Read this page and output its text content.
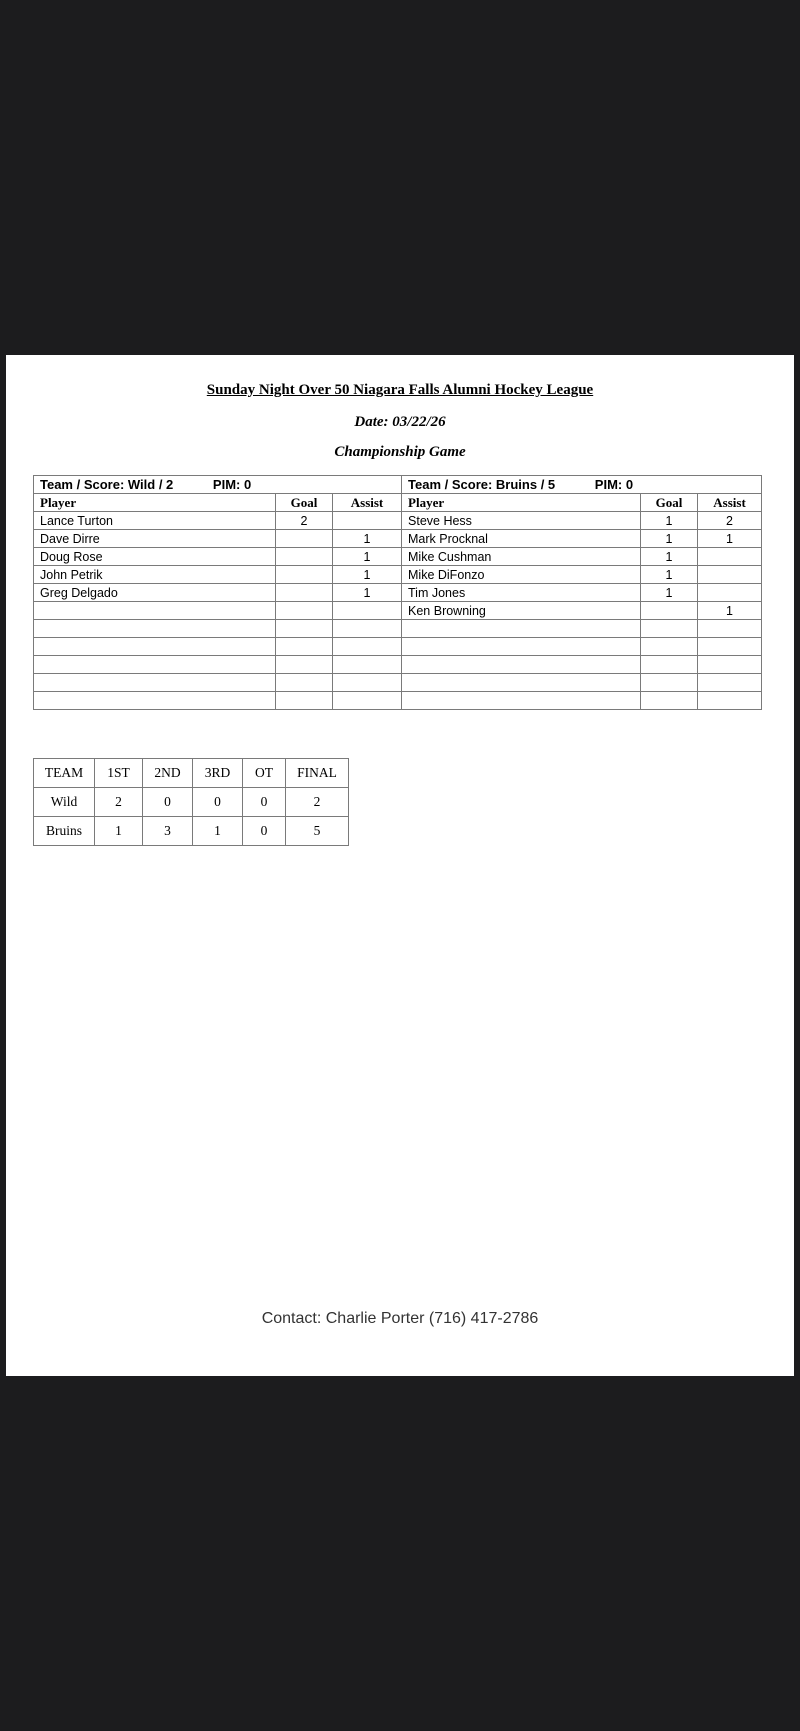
Sunday Night Over 50 Niagara Falls Alumni Hockey League
Date: 03/22/26
Championship Game
Team / Score: Wild / 2 PIM: 0			Team / Score: Bruins / 5 PIM: 0		
Player	Goal	Assist	Player	Goal	Assist
Lance Turton	2		Steve Hess	1	2
Dave Dirre		1	Mark Procknal	1	1
Doug Rose		1	Mike Cushman	1	
John Petrik		1	Mike DiFonzo	1	
Greg Delgado		1	Tim Jones	1	
			Ken Browning		1

TEAM	1ST	2ND	3RD	OT	FINAL
Wild	2	0	0	0	2
Bruins	1	3	1	0	5
Contact: Charlie Porter (716) 417-2786
